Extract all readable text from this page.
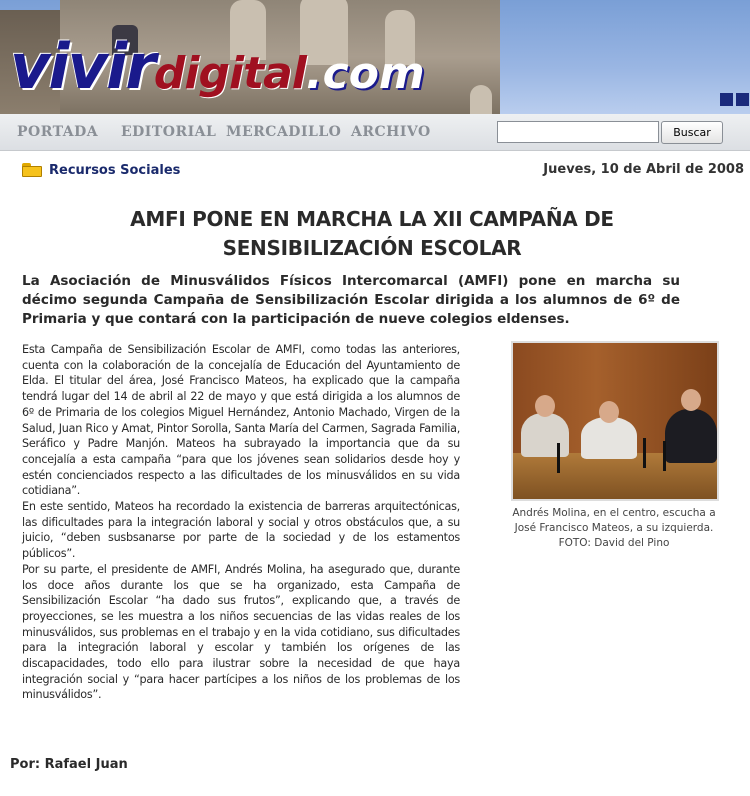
vivirdigital.com
PORTADA EDITORIAL MERCADILLO ARCHIVO	Buscar
Recursos Sociales	Jueves, 10 de Abril de 2008
AMFI PONE EN MARCHA LA XII CAMPAÑA DE
SENSIBILIZACIÓN ESCOLAR
La Asociación de Minusválidos Físicos Intercomarcal (AMFI) pone en marcha su décimo segunda Campaña de Sensibilización Escolar dirigida a los alumnos de 6º de Primaria y que contará con la participación de nueve colegios eldenses.

Esta Campaña de Sensibilización Escolar de AMFI, como todas las anteriores, cuenta con la colaboración de la concejalía de Educación del Ayuntamiento de Elda. El titular del área, José Francisco Mateos, ha explicado que la campaña tendrá lugar del 14 de abril al 22 de mayo y que está dirigida a los alumnos de 6º de Primaria de los colegios Miguel Hernández, Antonio Machado, Virgen de la Salud, Juan Rico y Amat, Pintor Sorolla, Santa María del Carmen, Sagrada Familia, Seráfico y Padre Manjón. Mateos ha subrayado la importancia que da su concejalía a esta campaña “para que los jóvenes sean solidarios desde hoy y estén concienciados respecto a las dificultades de los minusválidos en su vida cotidiana”.

En este sentido, Mateos ha recordado la existencia de barreras arquitectónicas, las dificultades para la integración laboral y social y otros obstáculos que, a su juicio, “deben susbsanarse por parte de la sociedad y de los estamentos públicos”.

Por su parte, el presidente de AMFI, Andrés Molina, ha asegurado que, durante los doce años durante los que se ha organizado, esta Campaña de Sensibilización Escolar “ha dado sus frutos”, explicando que, a través de proyecciones, se les muestra a los niños secuencias de las vidas reales de los minusválidos, sus problemas en el trabajo y en la vida cotidiano, sus dificultades para la integración laboral y escolar y también los orígenes de las discapacidades, todo ello para ilustrar sobre la necesidad de que haya integración social y “para hacer partícipes a los niños de los problemas de los minusválidos”.

Andrés Molina, en el centro, escucha a José Francisco Mateos, a su izquierda. FOTO: David del Pino
Por: Rafael Juan
